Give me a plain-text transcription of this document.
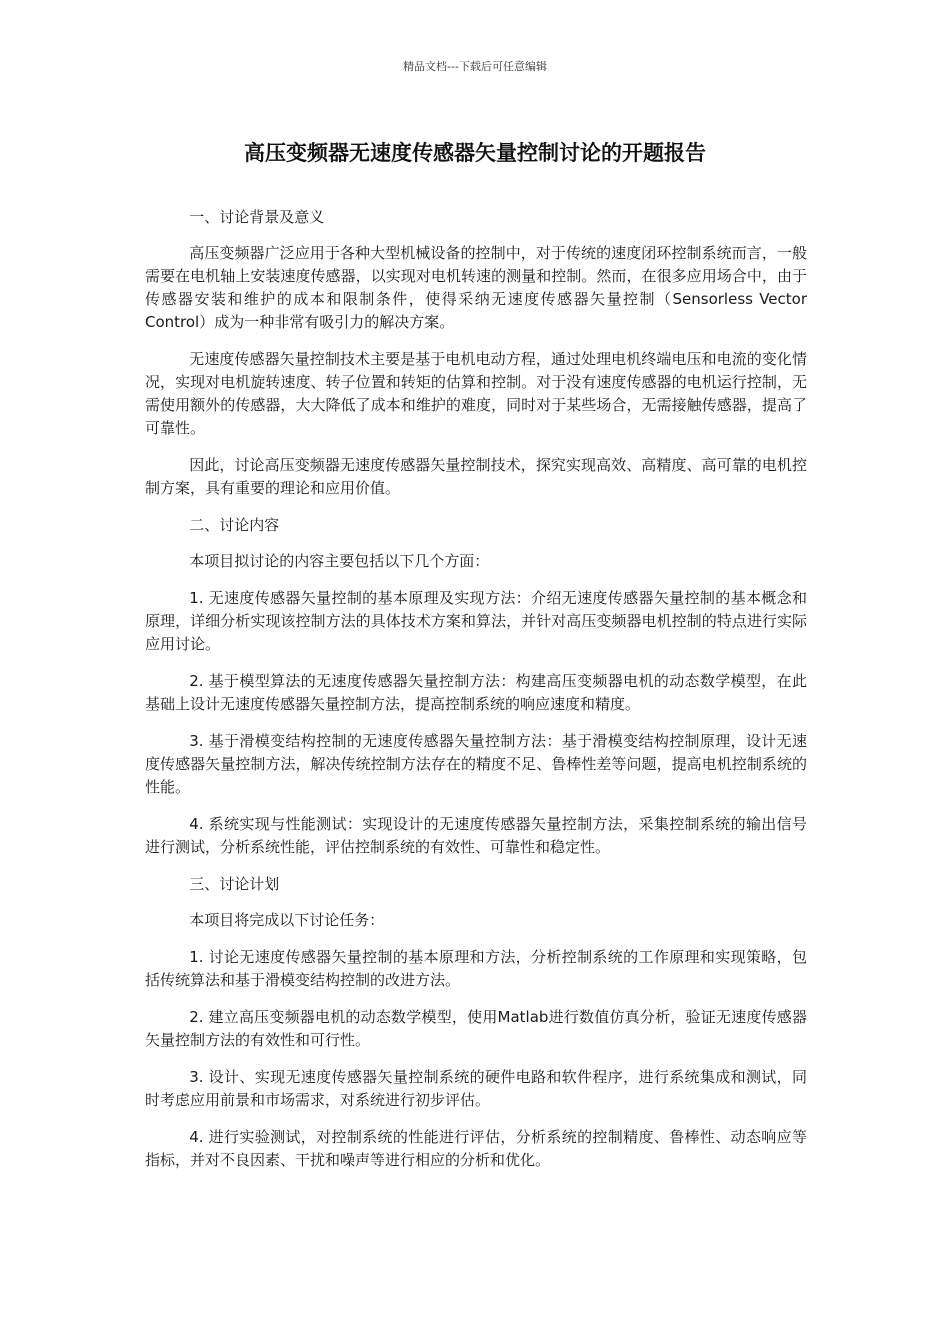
精品文档---下载后可任意编辑
高压变频器无速度传感器矢量控制讨论的开题报告

一、讨论背景及意义

高压变频器广泛应用于各种大型机械设备的控制中，对于传统的速度闭环控制系统而言，一般需要在电机轴上安装速度传感器，以实现对电机转速的测量和控制。然而，在很多应用场合中，由于传感器安装和维护的成本和限制条件，使得采纳无速度传感器矢量控制（Sensorless Vector Control）成为一种非常有吸引力的解决方案。

无速度传感器矢量控制技术主要是基于电机电动方程，通过处理电机终端电压和电流的变化情况，实现对电机旋转速度、转子位置和转矩的估算和控制。对于没有速度传感器的电机运行控制，无需使用额外的传感器，大大降低了成本和维护的难度，同时对于某些场合，无需接触传感器，提高了可靠性。

因此，讨论高压变频器无速度传感器矢量控制技术，探究实现高效、高精度、高可靠的电机控制方案，具有重要的理论和应用价值。

二、讨论内容

本项目拟讨论的内容主要包括以下几个方面：

1. 无速度传感器矢量控制的基本原理及实现方法：介绍无速度传感器矢量控制的基本概念和原理，详细分析实现该控制方法的具体技术方案和算法，并针对高压变频器电机控制的特点进行实际应用讨论。

2. 基于模型算法的无速度传感器矢量控制方法：构建高压变频器电机的动态数学模型，在此基础上设计无速度传感器矢量控制方法，提高控制系统的响应速度和精度。

3. 基于滑模变结构控制的无速度传感器矢量控制方法：基于滑模变结构控制原理，设计无速度传感器矢量控制方法，解决传统控制方法存在的精度不足、鲁棒性差等问题，提高电机控制系统的性能。

4. 系统实现与性能测试：实现设计的无速度传感器矢量控制方法，采集控制系统的输出信号进行测试，分析系统性能，评估控制系统的有效性、可靠性和稳定性。

三、讨论计划

本项目将完成以下讨论任务：

1. 讨论无速度传感器矢量控制的基本原理和方法，分析控制系统的工作原理和实现策略，包括传统算法和基于滑模变结构控制的改进方法。

2. 建立高压变频器电机的动态数学模型，使用Matlab进行数值仿真分析，验证无速度传感器矢量控制方法的有效性和可行性。

3. 设计、实现无速度传感器矢量控制系统的硬件电路和软件程序，进行系统集成和测试，同时考虑应用前景和市场需求，对系统进行初步评估。

4. 进行实验测试，对控制系统的性能进行评估，分析系统的控制精度、鲁棒性、动态响应等指标，并对不良因素、干扰和噪声等进行相应的分析和优化。
